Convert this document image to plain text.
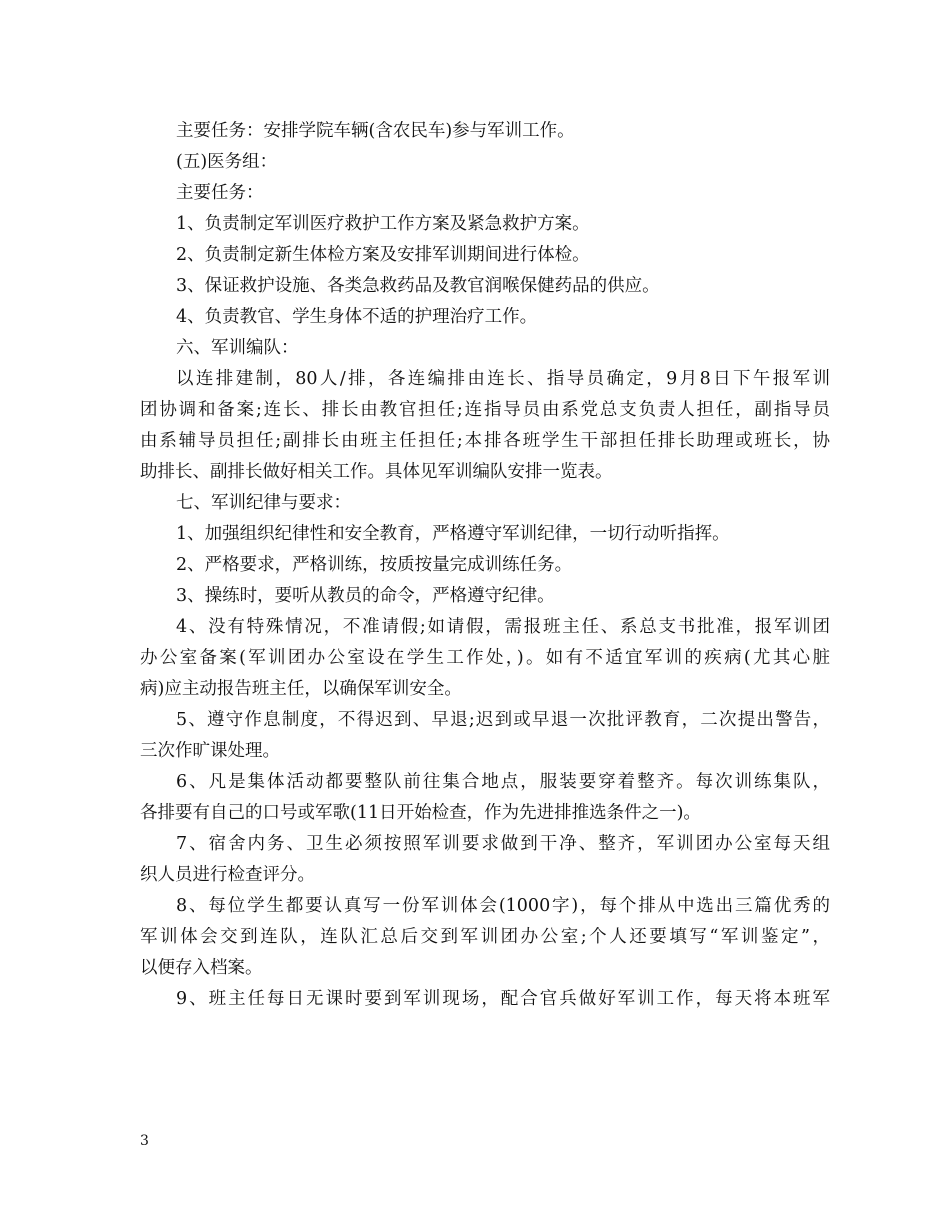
主要任务：安排学院车辆(含农民车)参与军训工作。
(五)医务组：
主要任务：
1、负责制定军训医疗救护工作方案及紧急救护方案。
2、负责制定新生体检方案及安排军训期间进行体检。
3、保证救护设施、各类急救药品及教官润喉保健药品的供应。
4、负责教官、学生身体不适的护理治疗工作。
六、军训编队：
以连排建制，80人/排，各连编排由连长、指导员确定，9月8日下午报军训
团协调和备案;连长、排长由教官担任;连指导员由系党总支负责人担任，副指导员
由系辅导员担任;副排长由班主任担任;本排各班学生干部担任排长助理或班长，协
助排长、副排长做好相关工作。具体见军训编队安排一览表。
七、军训纪律与要求：
1、加强组织纪律性和安全教育，严格遵守军训纪律，一切行动听指挥。
2、严格要求，严格训练，按质按量完成训练任务。
3、操练时，要听从教员的命令，严格遵守纪律。
4、没有特殊情况，不准请假;如请假，需报班主任、系总支书批准，报军训团
办公室备案(军训团办公室设在学生工作处，)。如有不适宜军训的疾病(尤其心脏
病)应主动报告班主任，以确保军训安全。
5、遵守作息制度，不得迟到、早退;迟到或早退一次批评教育，二次提出警告，
三次作旷课处理。
6、凡是集体活动都要整队前往集合地点，服装要穿着整齐。每次训练集队，
各排要有自己的口号或军歌(11日开始检查，作为先进排推选条件之一)。
7、宿舍内务、卫生必须按照军训要求做到干净、整齐，军训团办公室每天组
织人员进行检查评分。
8、每位学生都要认真写一份军训体会(1000字)，每个排从中选出三篇优秀的
军训体会交到连队，连队汇总后交到军训团办公室;个人还要填写“军训鉴定”，
以便存入档案。
9、班主任每日无课时要到军训现场，配合官兵做好军训工作，每天将本班军
3
